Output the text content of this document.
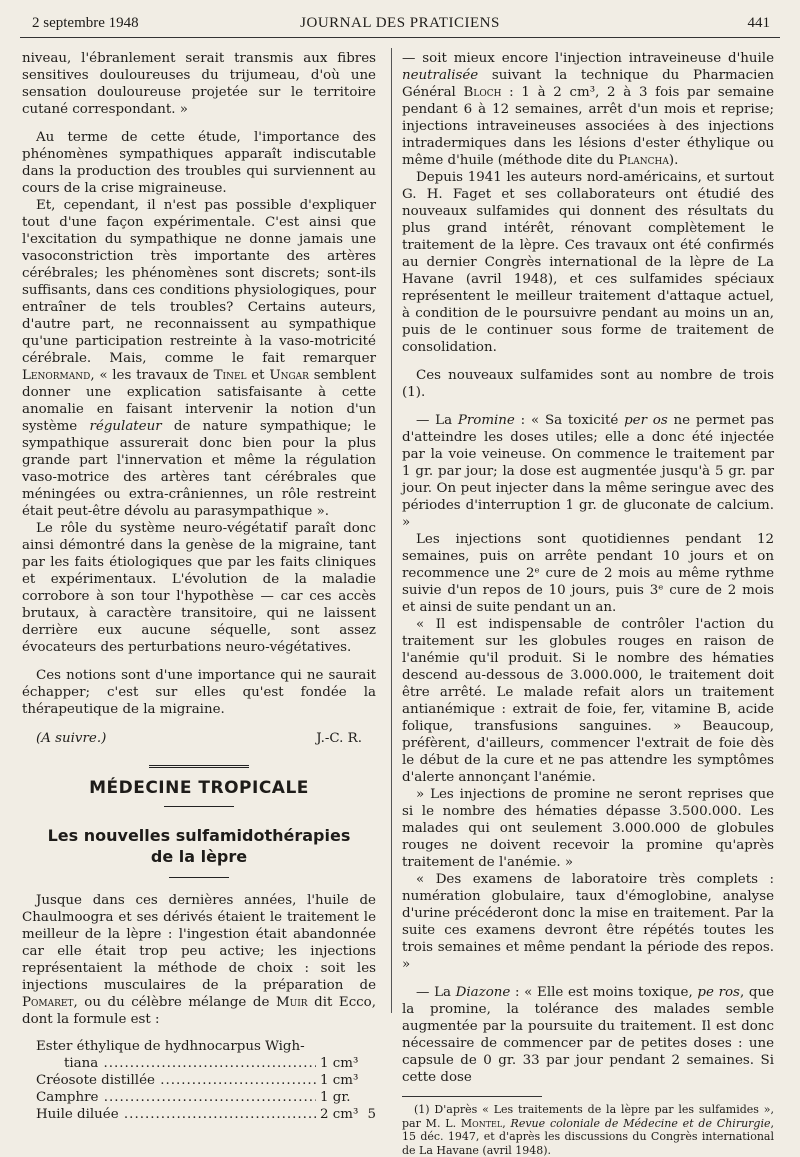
2 septembre 1948	JOURNAL DES PRATICIENS	441

niveau, l'ébranlement serait transmis aux fibres sensitives douloureuses du trijumeau, d'où une sensation douloureuse projetée sur le territoire cutané correspondant. »

Au terme de cette étude, l'importance des phénomènes sympathiques apparaît indiscutable dans la production des troubles qui surviennent au cours de la crise migraineuse.

Et, cependant, il n'est pas possible d'expliquer tout d'une façon expérimentale. C'est ainsi que l'excitation du sympathique ne donne jamais une vasoconstriction très importante des artères cérébrales; les phénomènes sont discrets; sont-ils suffisants, dans ces conditions physiologiques, pour entraîner de tels troubles? Certains auteurs, d'autre part, ne reconnaissent au sympathique qu'une participation restreinte à la vaso-motricité cérébrale. Mais, comme le fait remarquer Lenormand, « les travaux de Tinel et Ungar semblent donner une explication satisfaisante à cette anomalie en faisant intervenir la notion d'un système régulateur de nature sympathique; le sympathique assurerait donc bien pour la plus grande part l'innervation et même la régulation vaso-motrice des artères tant cérébrales que méningées ou extra-crâniennes, un rôle restreint était peut-être dévolu au parasympathique ».

Le rôle du système neuro-végétatif paraît donc ainsi démontré dans la genèse de la migraine, tant par les faits étiologiques que par les faits cliniques et expérimentaux. L'évolution de la maladie corrobore à son tour l'hypothèse — car ces accès brutaux, à caractère transitoire, qui ne laissent derrière eux aucune séquelle, sont assez évocateurs des perturbations neuro-végétatives.

Ces notions sont d'une importance qui ne saurait échapper; c'est sur elles qu'est fondée la thérapeutique de la migraine.

(A suivre.)	J.-C. R.
MÉDECINE TROPICALE
Les nouvelles sulfamidothérapies
de la lèpre

Jusque dans ces dernières années, l'huile de Chaulmoogra et ses dérivés étaient le traitement le meilleur de la lèpre : l'ingestion était abandonnée car elle était trop peu active; les injections représentaient la méthode de choix : soit les injections musculaires de la préparation de Pomaret, ou du célèbre mélange de Muir dit Ecco, dont la formule est :

Ester éthylique de hydhnocarpus Wigh-
tiana .....	1 cm³
Créosote distillée .....	1 cm³
Camphre .....	1 gr.
Huile diluée .....	2 cm³ 5

— soit mieux encore l'injection intraveineuse d'huile neutralisée suivant la technique du Pharmacien Général Bloch : 1 à 2 cm³, 2 à 3 fois par semaine pendant 6 à 12 semaines, arrêt d'un mois et reprise; injections intraveineuses associées à des injections intradermiques dans les lésions d'ester éthylique ou même d'huile (méthode dite du Plancha).

Depuis 1941 les auteurs nord-américains, et surtout G. H. Faget et ses collaborateurs ont étudié des nouveaux sulfamides qui donnent des résultats du plus grand intérêt, rénovant complètement le traitement de la lèpre. Ces travaux ont été confirmés au dernier Congrès international de la lèpre de La Havane (avril 1948), et ces sulfamides spéciaux représentent le meilleur traitement d'attaque actuel, à condition de le poursuivre pendant au moins un an, puis de le continuer sous forme de traitement de consolidation.

Ces nouveaux sulfamides sont au nombre de trois (1).

— La Promine : « Sa toxicité per os ne permet pas d'atteindre les doses utiles; elle a donc été injectée par la voie veineuse. On commence le traitement par 1 gr. par jour; la dose est augmentée jusqu'à 5 gr. par jour. On peut injecter dans la même seringue avec des périodes d'interruption 1 gr. de gluconate de calcium. »

Les injections sont quotidiennes pendant 12 semaines, puis on arrête pendant 10 jours et on recommence une 2ᵉ cure de 2 mois au même rythme suivie d'un repos de 10 jours, puis 3ᵉ cure de 2 mois et ainsi de suite pendant un an.

« Il est indispensable de contrôler l'action du traitement sur les globules rouges en raison de l'anémie qu'il produit. Si le nombre des hématies descend au-dessous de 3.000.000, le traitement doit être arrêté. Le malade refait alors un traitement antianémique : extrait de foie, fer, vitamine B, acide folique, transfusions sanguines. » Beaucoup, préfèrent, d'ailleurs, commencer l'extrait de foie dès le début de la cure et ne pas attendre les symptômes d'alerte annonçant l'anémie.

» Les injections de promine ne seront reprises que si le nombre des hématies dépasse 3.500.000. Les malades qui ont seulement 3.000.000 de globules rouges ne doivent recevoir la promine qu'après traitement de l'anémie. »

« Des examens de laboratoire très complets : numération globulaire, taux d'émoglobine, analyse d'urine précéderont donc la mise en traitement. Par la suite ces examens devront être répétés toutes les trois semaines et même pendant la période des repos. »

— La Diazone : « Elle est moins toxique, pe ros, que la promine, la tolérance des malades semble augmentée par la poursuite du traitement. Il est donc nécessaire de commencer par de petites doses : une capsule de 0 gr. 33 par jour pendant 2 semaines. Si cette dose

(1) D'après « Les traitements de la lèpre par les sulfamides », par M. L. Montel, Revue coloniale de Médecine et de Chirurgie, 15 déc. 1947, et d'après les discussions du Congrès international de La Havane (avril 1948).
